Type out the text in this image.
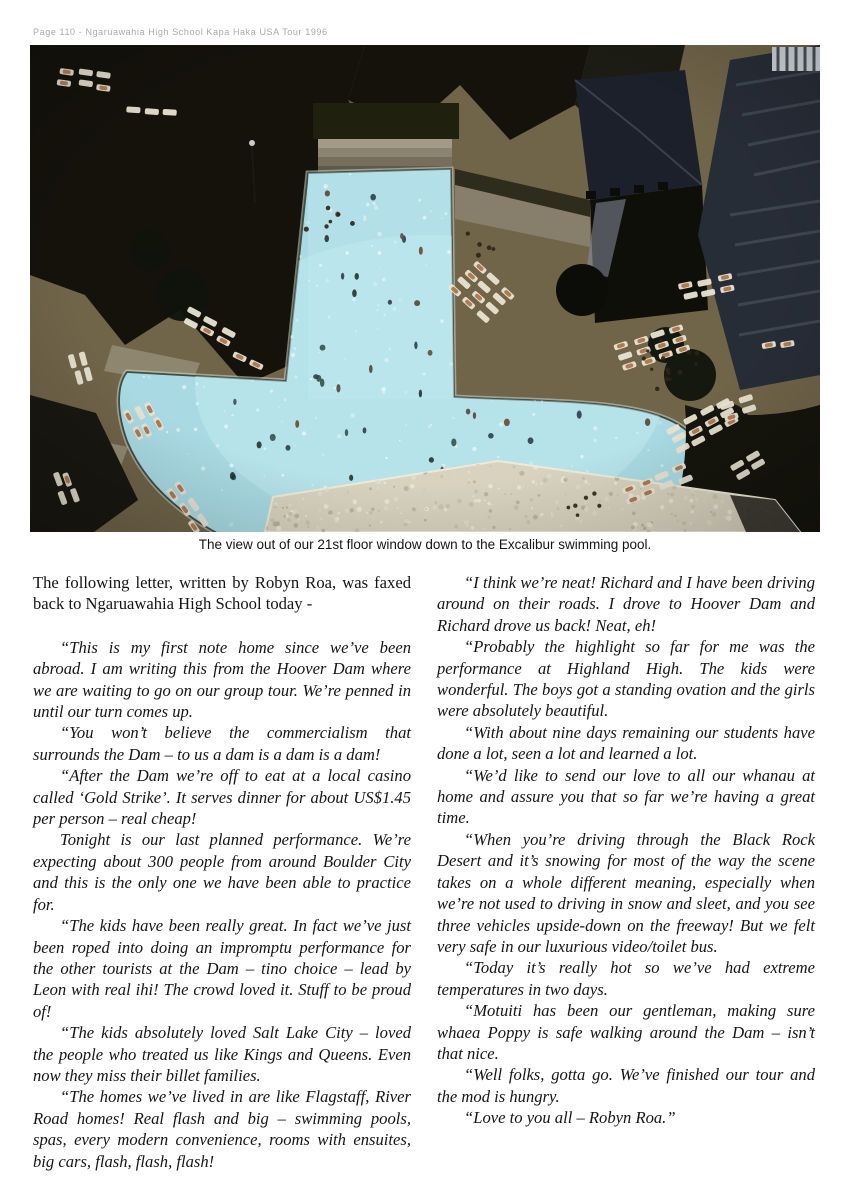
Page 110 - Ngaruawahia High School Kapa Haka USA Tour 1996
The view out of our 21st floor window down to the Excalibur swimming pool.

The following letter, written by Robyn Roa, was faxed back to Ngaruawahia High School today -

“This is my first note home since we’ve been abroad. I am writing this from the Hoover Dam where we are waiting to go on our group tour. We’re penned in until our turn comes up.

“You won’t believe the commercialism that surrounds the Dam – to us a dam is a dam is a dam!

“After the Dam we’re off to eat at a local casino called ‘Gold Strike’. It serves dinner for about US$1.45 per person – real cheap!

Tonight is our last planned performance. We’re expecting about 300 people from around Boulder City and this is the only one we have been able to practice for.

“The kids have been really great. In fact we’ve just been roped into doing an impromptu performance for the other tourists at the Dam – tino choice – lead by Leon with real ihi! The crowd loved it. Stuff to be proud of!

“The kids absolutely loved Salt Lake City – loved the people who treated us like Kings and Queens. Even now they miss their billet families.

“The homes we’ve lived in are like Flagstaff, River Road homes! Real flash and big – swimming pools, spas, every modern convenience, rooms with ensuites, big cars, flash, flash, flash!

“I think we’re neat! Richard and I have been driving around on their roads. I drove to Hoover Dam and Richard drove us back! Neat, eh!

“Probably the highlight so far for me was the performance at Highland High. The kids were wonderful. The boys got a standing ovation and the girls were absolutely beautiful.

“With about nine days remaining our students have done a lot, seen a lot and learned a lot.

“We’d like to send our love to all our whanau at home and assure you that so far we’re having a great time.

“When you’re driving through the Black Rock Desert and it’s snowing for most of the way the scene takes on a whole different meaning, especially when we’re not used to driving in snow and sleet, and you see three vehicles upside-down on the freeway! But we felt very safe in our luxurious video/toilet bus.

“Today it’s really hot so we’ve had extreme temperatures in two days.

“Motuiti has been our gentleman, making sure whaea Poppy is safe walking around the Dam – isn’t that nice.

“Well folks, gotta go. We’ve finished our tour and the mod is hungry.

“Love to you all – Robyn Roa.”
